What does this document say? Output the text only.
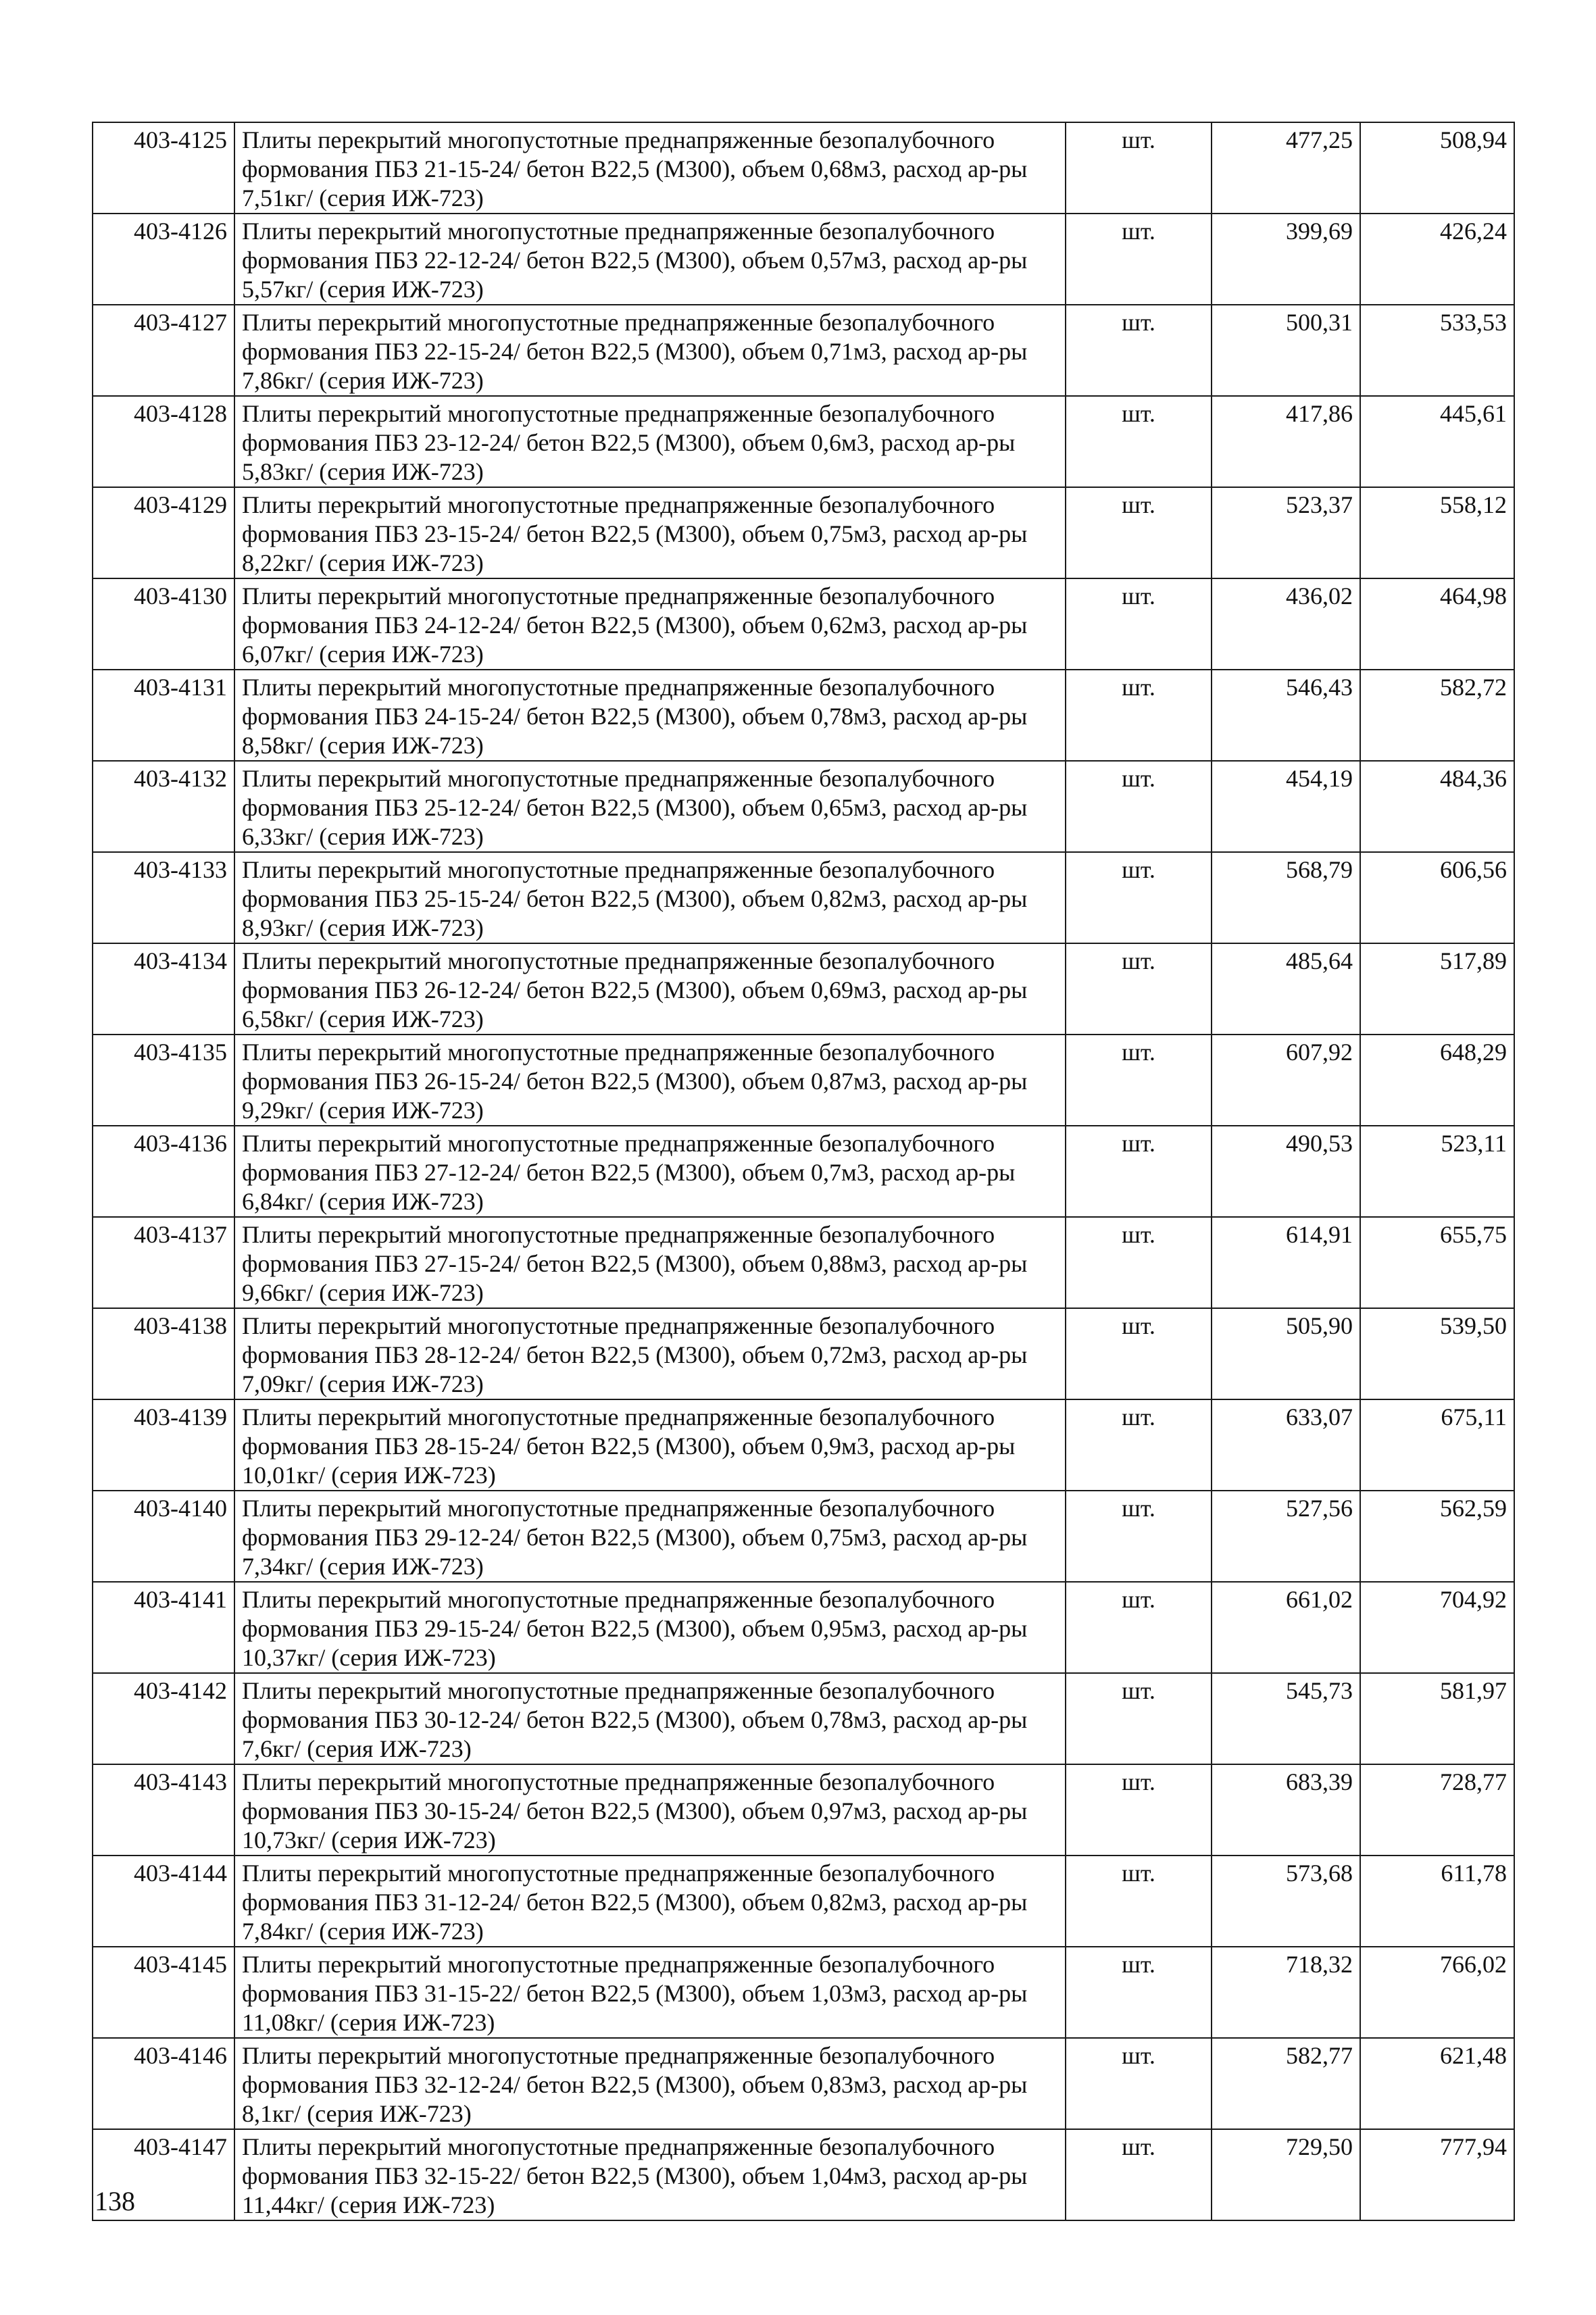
403-4125	Плиты перекрытий многопустотные преднапряженные безопалубочного формования ПБЗ 21-15-24/ бетон В22,5 (М300), объем 0,68м3, расход ар-ры 7,51кг/ (серия ИЖ-723)	шт.	477,25	508,94
403-4126	Плиты перекрытий многопустотные преднапряженные безопалубочного формования ПБЗ 22-12-24/ бетон В22,5 (М300), объем 0,57м3, расход ар-ры 5,57кг/ (серия ИЖ-723)	шт.	399,69	426,24
403-4127	Плиты перекрытий многопустотные преднапряженные безопалубочного формования ПБЗ 22-15-24/ бетон В22,5 (М300), объем 0,71м3, расход ар-ры 7,86кг/ (серия ИЖ-723)	шт.	500,31	533,53
403-4128	Плиты перекрытий многопустотные преднапряженные безопалубочного формования ПБЗ 23-12-24/ бетон В22,5 (М300), объем 0,6м3, расход ар-ры 5,83кг/ (серия ИЖ-723)	шт.	417,86	445,61
403-4129	Плиты перекрытий многопустотные преднапряженные безопалубочного формования ПБЗ 23-15-24/ бетон В22,5 (М300), объем 0,75м3, расход ар-ры 8,22кг/ (серия ИЖ-723)	шт.	523,37	558,12
403-4130	Плиты перекрытий многопустотные преднапряженные безопалубочного формования ПБЗ 24-12-24/ бетон В22,5 (М300), объем 0,62м3, расход ар-ры 6,07кг/ (серия ИЖ-723)	шт.	436,02	464,98
403-4131	Плиты перекрытий многопустотные преднапряженные безопалубочного формования ПБЗ 24-15-24/ бетон В22,5 (М300), объем 0,78м3, расход ар-ры 8,58кг/ (серия ИЖ-723)	шт.	546,43	582,72
403-4132	Плиты перекрытий многопустотные преднапряженные безопалубочного формования ПБЗ 25-12-24/ бетон В22,5 (М300), объем 0,65м3, расход ар-ры 6,33кг/ (серия ИЖ-723)	шт.	454,19	484,36
403-4133	Плиты перекрытий многопустотные преднапряженные безопалубочного формования ПБЗ 25-15-24/ бетон В22,5 (М300), объем 0,82м3, расход ар-ры 8,93кг/ (серия ИЖ-723)	шт.	568,79	606,56
403-4134	Плиты перекрытий многопустотные преднапряженные безопалубочного формования ПБЗ 26-12-24/ бетон В22,5 (М300), объем 0,69м3, расход ар-ры 6,58кг/ (серия ИЖ-723)	шт.	485,64	517,89
403-4135	Плиты перекрытий многопустотные преднапряженные безопалубочного формования ПБЗ 26-15-24/ бетон В22,5 (М300), объем 0,87м3, расход ар-ры 9,29кг/ (серия ИЖ-723)	шт.	607,92	648,29
403-4136	Плиты перекрытий многопустотные преднапряженные безопалубочного формования ПБЗ 27-12-24/ бетон В22,5 (М300), объем 0,7м3, расход ар-ры 6,84кг/ (серия ИЖ-723)	шт.	490,53	523,11
403-4137	Плиты перекрытий многопустотные преднапряженные безопалубочного формования ПБЗ 27-15-24/ бетон В22,5 (М300), объем 0,88м3, расход ар-ры 9,66кг/ (серия ИЖ-723)	шт.	614,91	655,75
403-4138	Плиты перекрытий многопустотные преднапряженные безопалубочного формования ПБЗ 28-12-24/ бетон В22,5 (М300), объем 0,72м3, расход ар-ры 7,09кг/ (серия ИЖ-723)	шт.	505,90	539,50
403-4139	Плиты перекрытий многопустотные преднапряженные безопалубочного формования ПБЗ 28-15-24/ бетон В22,5 (М300), объем 0,9м3, расход ар-ры 10,01кг/ (серия ИЖ-723)	шт.	633,07	675,11
403-4140	Плиты перекрытий многопустотные преднапряженные безопалубочного формования ПБЗ 29-12-24/ бетон В22,5 (М300), объем 0,75м3, расход ар-ры 7,34кг/ (серия ИЖ-723)	шт.	527,56	562,59
403-4141	Плиты перекрытий многопустотные преднапряженные безопалубочного формования ПБЗ 29-15-24/ бетон В22,5 (М300), объем 0,95м3, расход ар-ры 10,37кг/ (серия ИЖ-723)	шт.	661,02	704,92
403-4142	Плиты перекрытий многопустотные преднапряженные безопалубочного формования ПБЗ 30-12-24/ бетон В22,5 (М300), объем 0,78м3, расход ар-ры 7,6кг/ (серия ИЖ-723)	шт.	545,73	581,97
403-4143	Плиты перекрытий многопустотные преднапряженные безопалубочного формования ПБЗ 30-15-24/ бетон В22,5 (М300), объем 0,97м3, расход ар-ры 10,73кг/ (серия ИЖ-723)	шт.	683,39	728,77
403-4144	Плиты перекрытий многопустотные преднапряженные безопалубочного формования ПБЗ 31-12-24/ бетон В22,5 (М300), объем 0,82м3, расход ар-ры 7,84кг/ (серия ИЖ-723)	шт.	573,68	611,78
403-4145	Плиты перекрытий многопустотные преднапряженные безопалубочного формования ПБЗ 31-15-22/ бетон В22,5 (М300), объем 1,03м3, расход ар-ры 11,08кг/ (серия ИЖ-723)	шт.	718,32	766,02
403-4146	Плиты перекрытий многопустотные преднапряженные безопалубочного формования ПБЗ 32-12-24/ бетон В22,5 (М300), объем 0,83м3, расход ар-ры 8,1кг/ (серия ИЖ-723)	шт.	582,77	621,48
403-4147	Плиты перекрытий многопустотные преднапряженные безопалубочного формования ПБЗ 32-15-22/ бетон В22,5 (М300), объем 1,04м3, расход ар-ры 11,44кг/ (серия ИЖ-723)	шт.	729,50	777,94
138
